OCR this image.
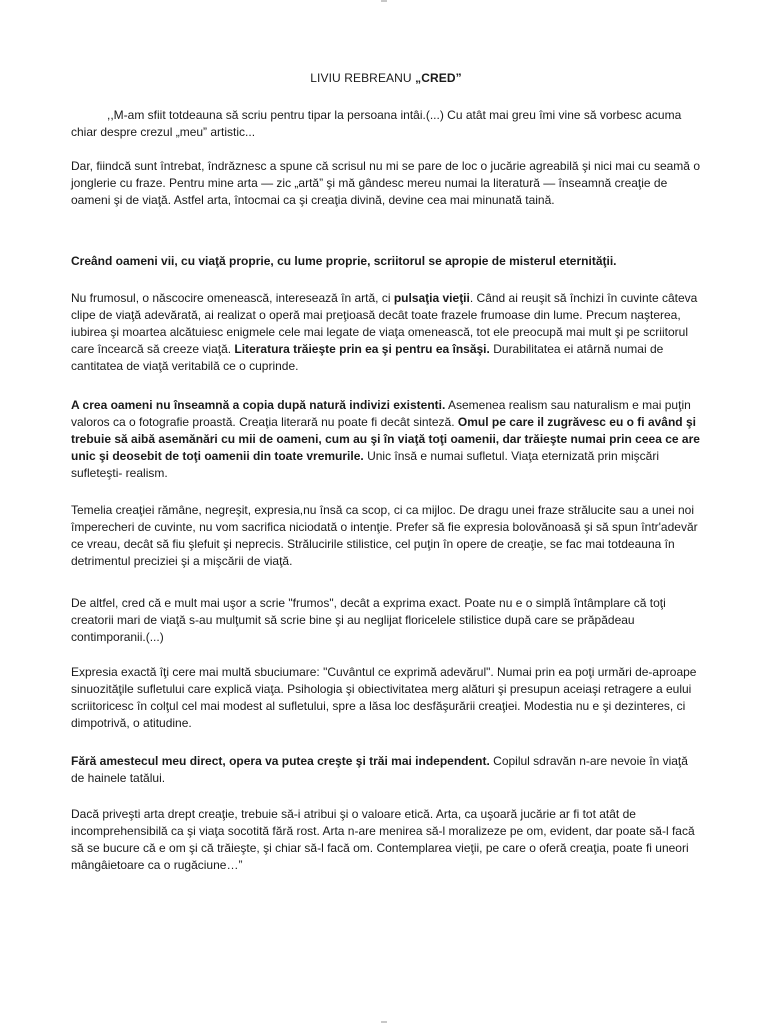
LIVIU REBREANU „CRED”

,,M-am sfiit totdeauna să scriu pentru tipar la persoana intâi.(...) Cu atât mai greu îmi vine să vorbesc acuma chiar despre crezul „meu” artistic...

Dar, fiindcă sunt întrebat, îndrăznesc a spune că scrisul nu mi se pare de loc o jucărie agreabilă şi nici mai cu seamă o jonglerie cu fraze. Pentru mine arta — zic „artă” şi mă gândesc mereu numai la literatură — înseamnă creaţie de oameni şi de viaţă. Astfel arta, întocmai ca şi creaţia divină, devine cea mai minunată taină.

Creând oameni vii, cu viaţă proprie, cu lume proprie, scriitorul se apropie de misterul eternităţii.

Nu frumosul, o născocire omenească, interesează în artă, ci pulsaţia vieţii. Când ai reuşit să închizi în cuvinte câteva clipe de viaţă adevărată, ai realizat o operă mai preţioasă decât toate frazele frumoase din lume. Precum naşterea, iubirea şi moartea alcătuiesc enigmele cele mai legate de viaţa omenească, tot ele preocupă mai mult şi pe scriitorul care încearcă să creeze viaţă. Literatura trăieşte prin ea şi pentru ea însăşi. Durabilitatea ei atârnă numai de cantitatea de viaţă veritabilă ce o cuprinde.

A crea oameni nu înseamnă a copia după natură indivizi existenti. Asemenea realism sau naturalism e mai puţin valoros ca o fotografie proastă. Creaţia literară nu poate fi decât sinteză. Omul pe care il zugrăvesc eu o fi având şi trebuie să aibă asemănări cu mii de oameni, cum au şi în viaţă toţi oamenii, dar trăieşte numai prin ceea ce are unic şi deosebit de toţi oamenii din toate vremurile. Unic însă e numai sufletul. Viaţa eternizată prin mişcări sufleteşti- realism.

Temelia creaţiei rămâne, negreşit, expresia,nu însă ca scop, ci ca mijloc. De dragu unei fraze strălucite sau a unei noi împerecheri de cuvinte, nu vom sacrifica niciodată o intenţie. Prefer să fie expresia bolovănoasă şi să spun într'adevăr ce vreau, decât să fiu şlefuit şi neprecis. Strălucirile stilistice, cel puţin în opere de creaţie, se fac mai totdeauna în detrimentul preciziei şi a mişcării de viaţă.

De altfel, cred că e mult mai uşor a scrie "frumos", decât a exprima exact. Poate nu e o simplă întâmplare că toţi creatorii mari de viaţă s-au mulţumit să scrie bine şi au neglijat floricelele stilistice după care se prăpădeau contimporanii.(...)

Expresia exactă îţi cere mai multă sbuciumare: "Cuvântul ce exprimă adevărul". Numai prin ea poţi urmări de-aproape sinuozităţile sufletului care explică viaţa. Psihologia şi obiectivitatea merg alături şi presupun aceiaşi retragere a eului scriitoricesc în colţul cel mai modest al sufletului, spre a lăsa loc desfăşurării creaţiei. Modestia nu e şi dezinteres, ci dimpotrivă, o atitudine.

Fără amestecul meu direct, opera va putea creşte şi trăi mai independent. Copilul sdravăn n-are nevoie în viaţă de hainele tatălui.

Dacă priveşti arta drept creaţie, trebuie să-i atribui şi o valoare etică. Arta, ca uşoară jucărie ar fi tot atât de incomprehensibilă ca şi viaţa socotită fără rost. Arta n-are menirea să-l moralizeze pe om, evident, dar poate să-l facă să se bucure că e om şi că trăieşte, şi chiar să-l facă om. Contemplarea vieţii, pe care o oferă creaţia, poate fi uneori mângâietoare ca o rugăciune…”
